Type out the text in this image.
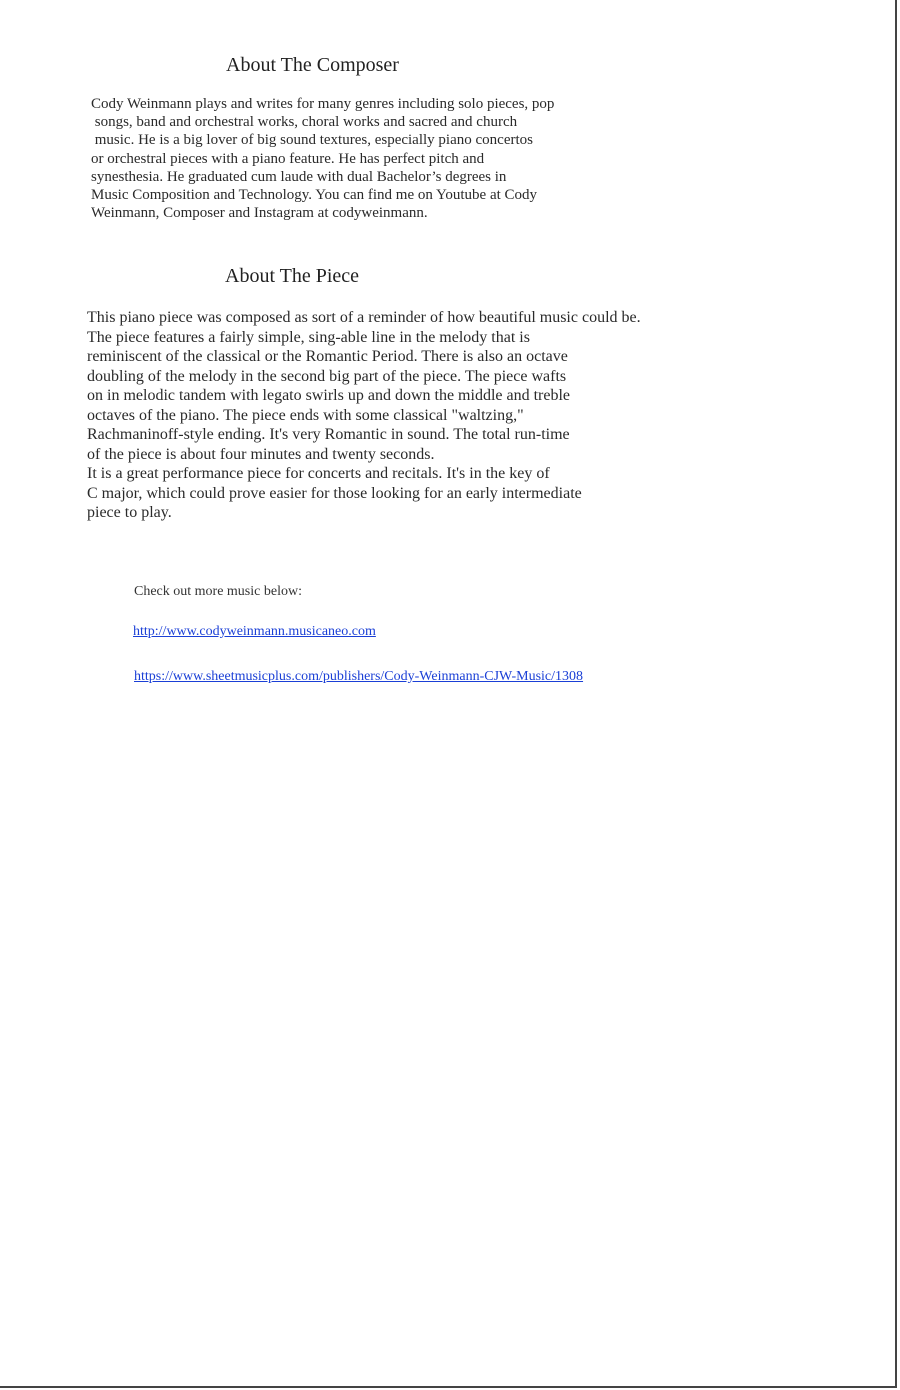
About The Composer
Cody Weinmann plays and writes for many genres including solo pieces, pop
songs, band and orchestral works, choral works and sacred and church
music. He is a big lover of big sound textures, especially piano concertos
or orchestral pieces with a piano feature. He has perfect pitch and
synesthesia. He graduated cum laude with dual Bachelor’s degrees in
Music Composition and Technology. You can find me on Youtube at Cody
Weinmann, Composer and Instagram at codyweinmann.
About The Piece
This piano piece was composed as sort of a reminder of how beautiful music could be.
The piece features a fairly simple, sing-able line in the melody that is
reminiscent of the classical or the Romantic Period. There is also an octave
doubling of the melody in the second big part of the piece. The piece wafts
on in melodic tandem with legato swirls up and down the middle and treble
octaves of the piano. The piece ends with some classical "waltzing,"
Rachmaninoff-style ending. It's very Romantic in sound. The total run-time
of the piece is about four minutes and twenty seconds.
It is a great performance piece for concerts and recitals. It's in the key of
C major, which could prove easier for those looking for an early intermediate
piece to play.
Check out more music below:
http://www.codyweinmann.musicaneo.com
https://www.sheetmusicplus.com/publishers/Cody-Weinmann-CJW-Music/1308
